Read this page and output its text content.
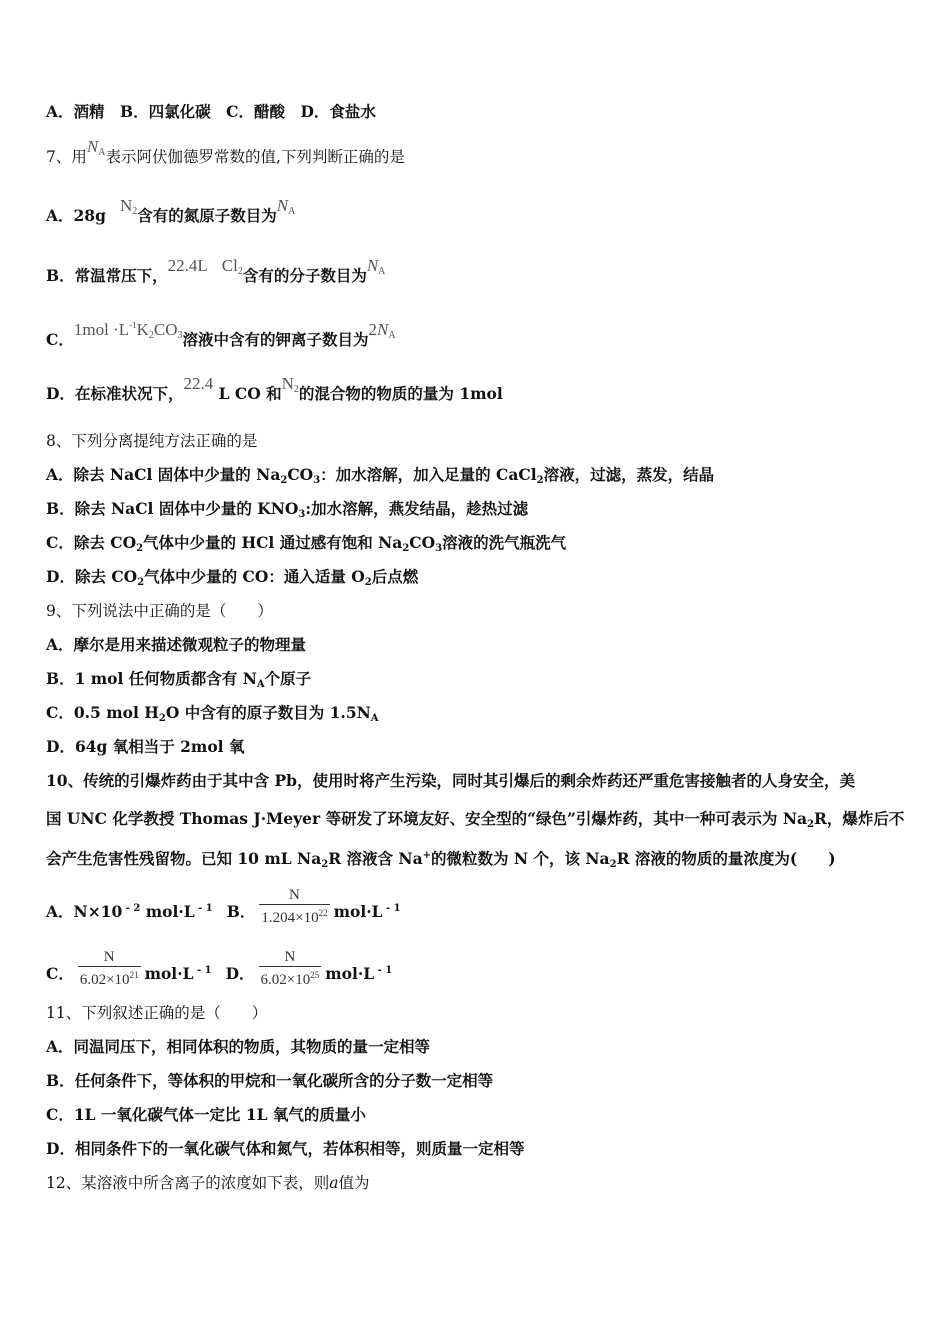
A．酒精　B．四氯化碳　C．醋酸　D．食盐水
7、用NA表示阿伏伽德罗常数的值,下列判断正确的是
A．28gN2含有的氮原子数目为NA
B．常温常压下，22.4L Cl2含有的分子数目为NA
C．$1mol \cdot L^{-1}K2CO3$溶液中含有的钾离子数目为2NA
D．在标准状况下，22.4 L CO 和N2的混合物的物质的量为 1mol
8、下列分离提纯方法正确的是
A．除去 NaCl 固体中少量的 $Na_2CO_3$：加水溶解，加入足量的 CaCl$_2$溶液，过滤，蒸发，结晶
B．除去 NaCl 固体中少量的 $KNO_3$:加水溶解，燕发结晶，趁热过滤
C．除去 $CO_2$气体中少量的 HCl 通过感有饱和 $Na_2CO_3$溶液的洗气瓶洗气
D．除去 $CO_2$气体中少量的 CO：通入适量 $O_2$后点燃
9、下列说法中正确的是（　　）
A．摩尔是用来描述微观粒子的物理量
B．1 mol 任何物质都含有 $N_A$个原子
C．0.5 mol $H_2O$ 中含有的原子数目为 $1.5N_A$
D．64g 氧相当于 2mol 氧
10、传统的引爆炸药由于其中含 Pb，使用时将产生污染，同时其引爆后的剩余炸药还严重危害接触者的人身安全，美
国 UNC 化学教授 Thomas J·Meyer 等研发了环境友好、安全型的“绿色”引爆炸药，其中一种可表示为 $Na_2R$，爆炸后不
会产生危害性残留物。已知 10 mL $Na_2R$ 溶液含 Na+的微粒数为 N 个，该 $Na_2R$ 溶液的物质的量浓度为(　　)
A．N×10 $^{- 2}$ mol·L $^{- 1}$ B． $\frac{N}{1.204\times 10^{22}} mol\cdot L$ $^{- 1}$
C． $\frac{N}{6.02\times 10^{21}} mol\cdot L$ $^{- 1}$ D． $\frac{N}{6.02\times 10^{25}} mol\cdot L$ $^{- 1}$
11、下列叙述正确的是（　　）
A．同温同压下，相同体积的物质，其物质的量一定相等
B．任何条件下，等体积的甲烷和一氧化碳所含的分子数一定相等
C．1L 一氧化碳气体一定比 1L 氧气的质量小
D．相同条件下的一氧化碳气体和氮气，若体积相等，则质量一定相等
12、某溶液中所含离子的浓度如下表，则a值为
